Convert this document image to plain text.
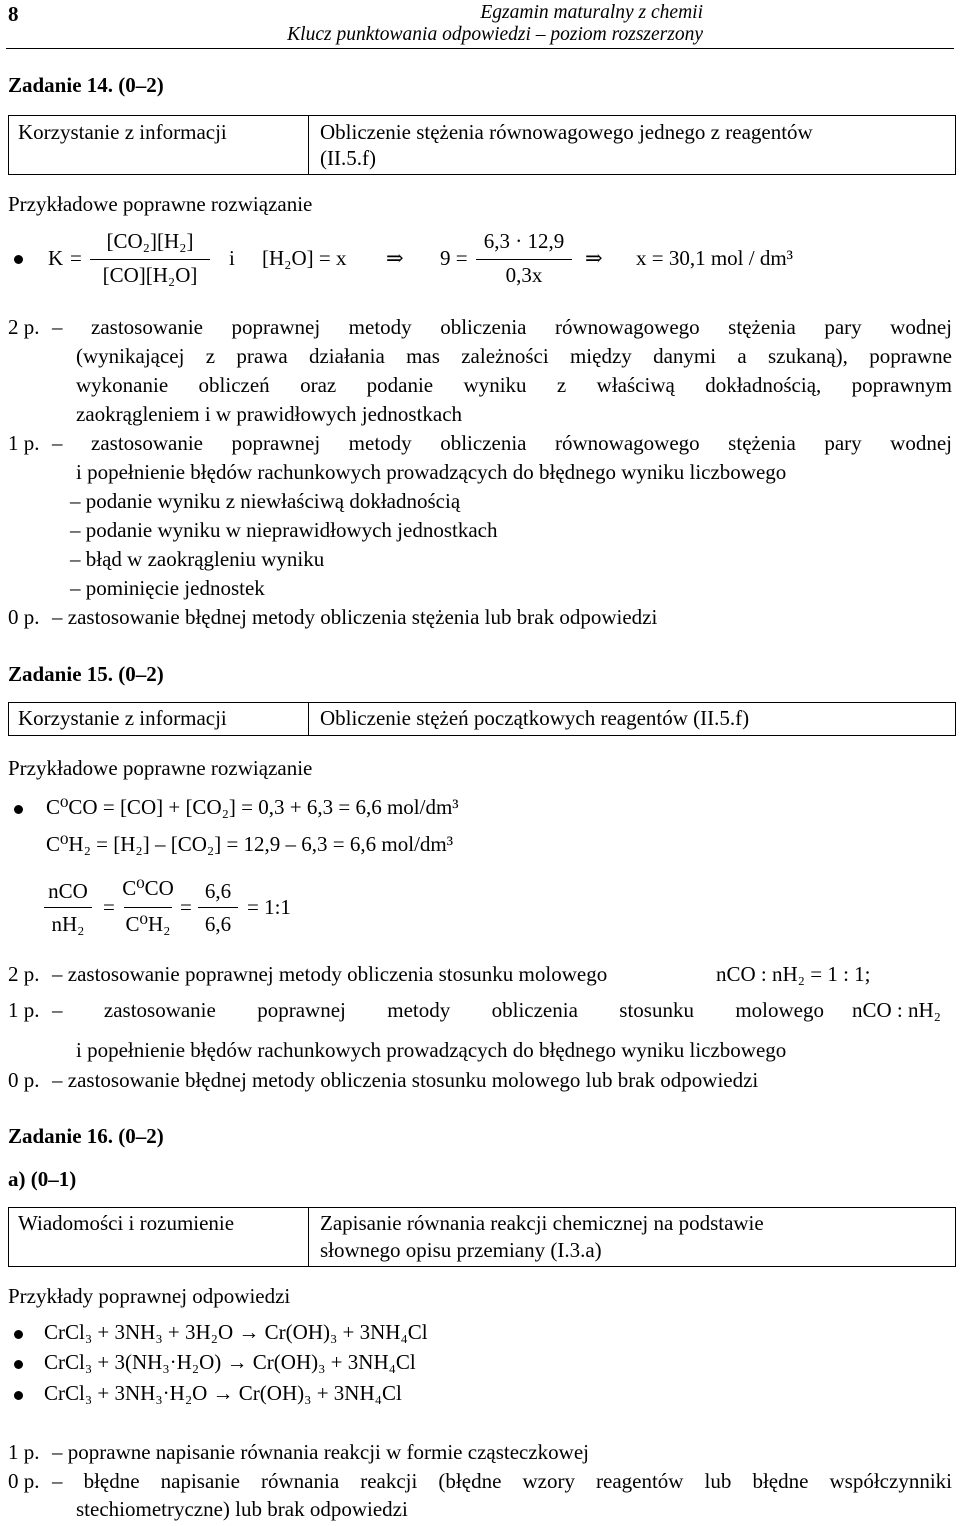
8	Egzamin maturalny z chemii
Klucz punktowania odpowiedzi – poziom rozszerzony
Zadanie 14. (0–2)
Korzystanie z informacji	Obliczenie stężenia równowagowego jednego z reagentów
(II.5.f)
Przykładowe poprawne rozwiązanie
K =
[CO₂][H₂]
[CO][H₂O]
i [H₂O] = x ⇒ 9 =
6,3 · 12,9
0,3x
⇒ x = 30,1 mol / dm³
2 p. – zastosowanie poprawnej metody obliczenia równowagowego stężenia pary wodnej
(wynikającej z prawa działania mas zależności między danymi a szukaną), poprawne
wykonanie obliczeń oraz podanie wyniku z właściwą dokładnością, poprawnym
zaokrągleniem i w prawidłowych jednostkach
1 p. – zastosowanie poprawnej metody obliczenia równowagowego stężenia pary wodnej
i popełnienie błędów rachunkowych prowadzących do błędnego wyniku liczbowego
– podanie wyniku z niewłaściwą dokładnością
– podanie wyniku w nieprawidłowych jednostkach
– błąd w zaokrągleniu wyniku
– pominięcie jednostek
0 p. – zastosowanie błędnej metody obliczenia stężenia lub brak odpowiedzi
Zadanie 15. (0–2)
Korzystanie z informacji	Obliczenie stężeń początkowych reagentów (II.5.f)
Przykładowe poprawne rozwiązanie
C⁰CO = [CO] + [CO₂] = 0,3 + 6,3 = 6,6 mol/dm³
C⁰H₂ = [H₂] – [CO₂] = 12,9 – 6,3 = 6,6 mol/dm³
nCO
nH₂
=
C⁰CO
C⁰H₂
=
6,6
6,6
= 1:1
2 p. – zastosowanie poprawnej metody obliczenia stosunku molowego	nCO : nH₂ = 1 : 1;
1 p. – zastosowanie poprawnej metody obliczenia stosunku molowego nCO : nH₂
i popełnienie błędów rachunkowych prowadzących do błędnego wyniku liczbowego
0 p. – zastosowanie błędnej metody obliczenia stosunku molowego lub brak odpowiedzi
Zadanie 16. (0–2)
a) (0–1)
Wiadomości i rozumienie	Zapisanie równania reakcji chemicznej na podstawie
słownego opisu przemiany (I.3.a)
Przykłady poprawnej odpowiedzi
CrCl₃ + 3NH₃ + 3H₂O → Cr(OH)₃ + 3NH₄Cl
CrCl₃ + 3(NH₃·H₂O) → Cr(OH)₃ + 3NH₄Cl
CrCl₃ + 3NH₃·H₂O → Cr(OH)₃ + 3NH₄Cl
1 p. – poprawne napisanie równania reakcji w formie cząsteczkowej
0 p. – błędne napisanie równania reakcji (błędne wzory reagentów lub błędne współczynniki
stechiometryczne) lub brak odpowiedzi
